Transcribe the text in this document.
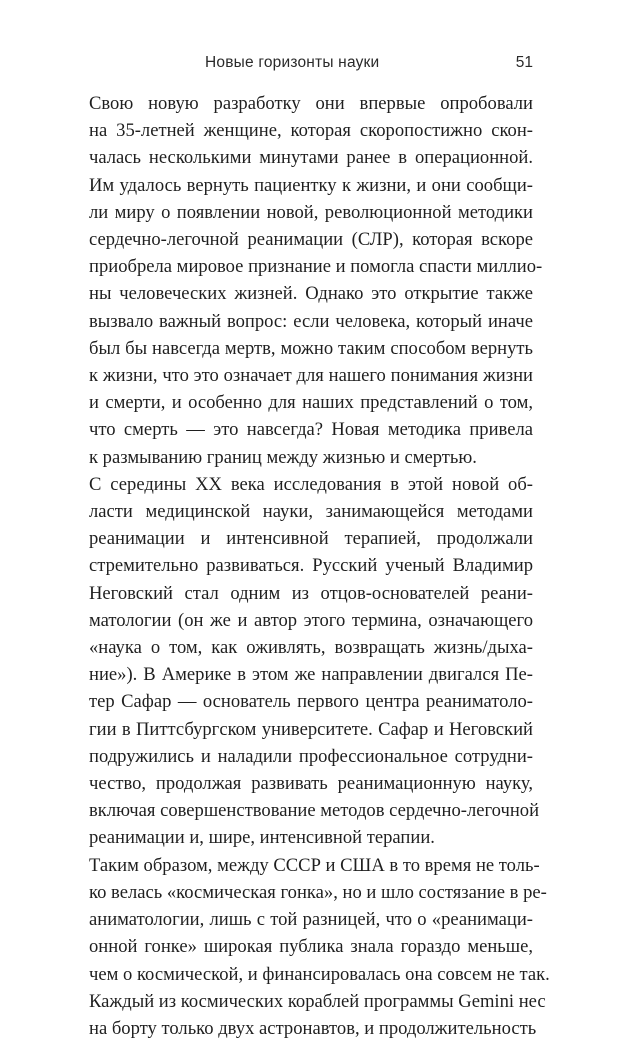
Новые горизонты науки	51

Свою новую разработку они впервые опробовали
на 35-летней женщине, которая скоропостижно скон-
чалась несколькими минутами ранее в операционной.
Им удалось вернуть пациентку к жизни, и они сообщи-
ли миру о появлении новой, революционной методики
сердечно-легочной реанимации (СЛР), которая вскоре
приобрела мировое признание и помогла спасти миллио-
ны человеческих жизней. Однако это открытие также
вызвало важный вопрос: если человека, который иначе
был бы навсегда мертв, можно таким способом вернуть
к жизни, что это означает для нашего понимания жизни
и смерти, и особенно для наших представлений о том,
что смерть — это навсегда? Новая методика привела
к размыванию границ между жизнью и смертью.

С середины XX века исследования в этой новой об-
ласти медицинской науки, занимающейся методами
реанимации и интенсивной терапией, продолжали
стремительно развиваться. Русский ученый Владимир
Неговский стал одним из отцов-основателей реани-
матологии (он же и автор этого термина, означающего
«наука о том, как оживлять, возвращать жизнь/дыха-
ние»). В Америке в этом же направлении двигался Пе-
тер Сафар — основатель первого центра реаниматоло-
гии в Питтсбургском университете. Сафар и Неговский
подружились и наладили профессиональное сотрудни-
чество, продолжая развивать реанимационную науку,
включая совершенствование методов сердечно-легочной
реанимации и, шире, интенсивной терапии.

Таким образом, между СССР и США в то время не толь-
ко велась «космическая гонка», но и шло состязание в ре-
аниматологии, лишь с той разницей, что о «реанимаци-
онной гонке» широкая публика знала гораздо меньше,
чем о космической, и финансировалась она совсем не так.
Каждый из космических кораблей программы Gemini нес
на борту только двух астронавтов, и продолжительность
